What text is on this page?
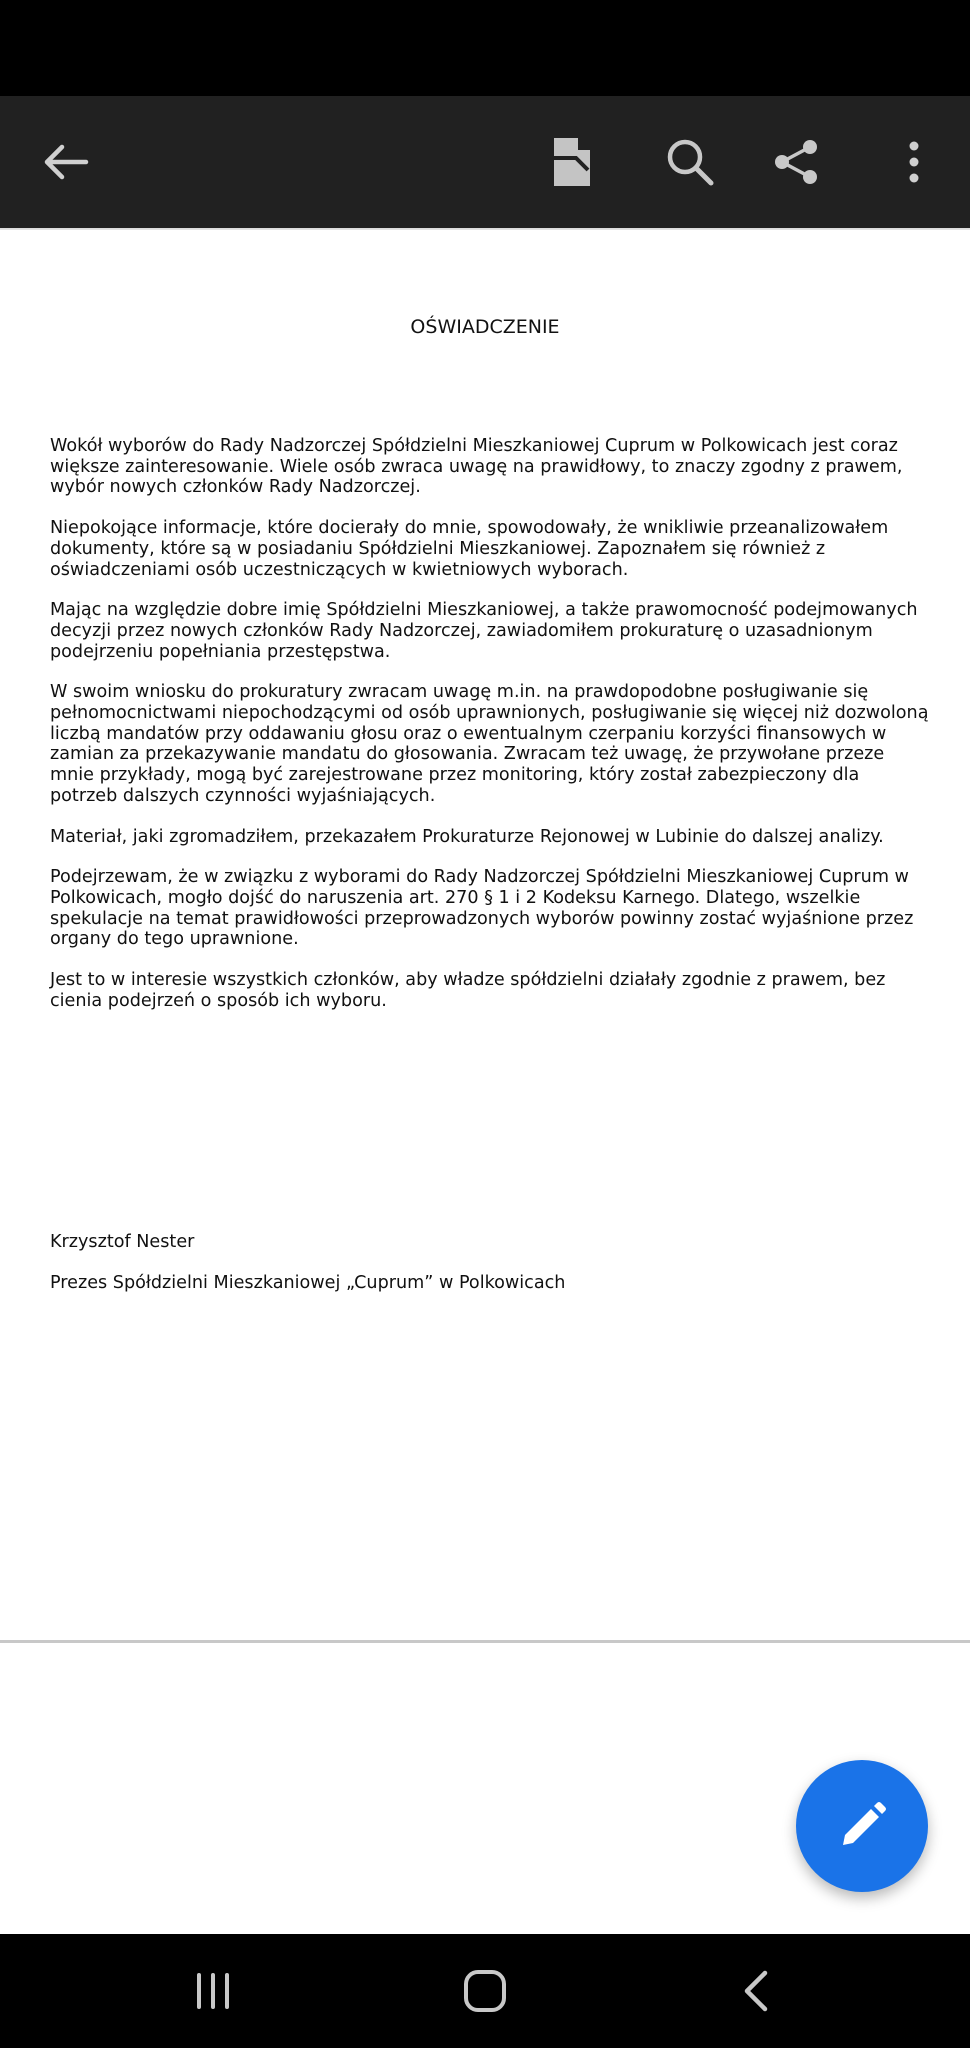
OŚWIADCZENIE

Wokół wyborów do Rady Nadzorczej Spółdzielni Mieszkaniowej Cuprum w Polkowicach jest coraz większe zainteresowanie. Wiele osób zwraca uwagę na prawidłowy, to znaczy zgodny z prawem, wybór nowych członków Rady Nadzorczej.

Niepokojące informacje, które docierały do mnie, spowodowały, że wnikliwie przeanalizowałem dokumenty, które są w posiadaniu Spółdzielni Mieszkaniowej. Zapoznałem się również z oświadczeniami osób uczestniczących w kwietniowych wyborach.

Mając na względzie dobre imię Spółdzielni Mieszkaniowej, a także prawomocność podejmowanych decyzji przez nowych członków Rady Nadzorczej, zawiadomiłem prokuraturę o uzasadnionym podejrzeniu popełniania przestępstwa.

W swoim wniosku do prokuratury zwracam uwagę m.in. na prawdopodobne posługiwanie się pełnomocnictwami niepochodzącymi od osób uprawnionych, posługiwanie się więcej niż dozwoloną liczbą mandatów przy oddawaniu głosu oraz o ewentualnym czerpaniu korzyści finansowych w zamian za przekazywanie mandatu do głosowania. Zwracam też uwagę, że przywołane przeze mnie przykłady, mogą być zarejestrowane przez monitoring, który został zabezpieczony dla potrzeb dalszych czynności wyjaśniających.

Materiał, jaki zgromadziłem, przekazałem Prokuraturze Rejonowej w Lubinie do dalszej analizy.

Podejrzewam, że w związku z wyborami do Rady Nadzorczej Spółdzielni Mieszkaniowej Cuprum w Polkowicach, mogło dojść do naruszenia art. 270 § 1 i 2 Kodeksu Karnego. Dlatego, wszelkie spekulacje na temat prawidłowości przeprowadzonych wyborów powinny zostać wyjaśnione przez organy do tego uprawnione.

Jest to w interesie wszystkich członków, aby władze spółdzielni działały zgodnie z prawem, bez cienia podejrzeń o sposób ich wyboru.

Krzysztof Nester
Prezes Spółdzielni Mieszkaniowej „Cuprum” w Polkowicach
